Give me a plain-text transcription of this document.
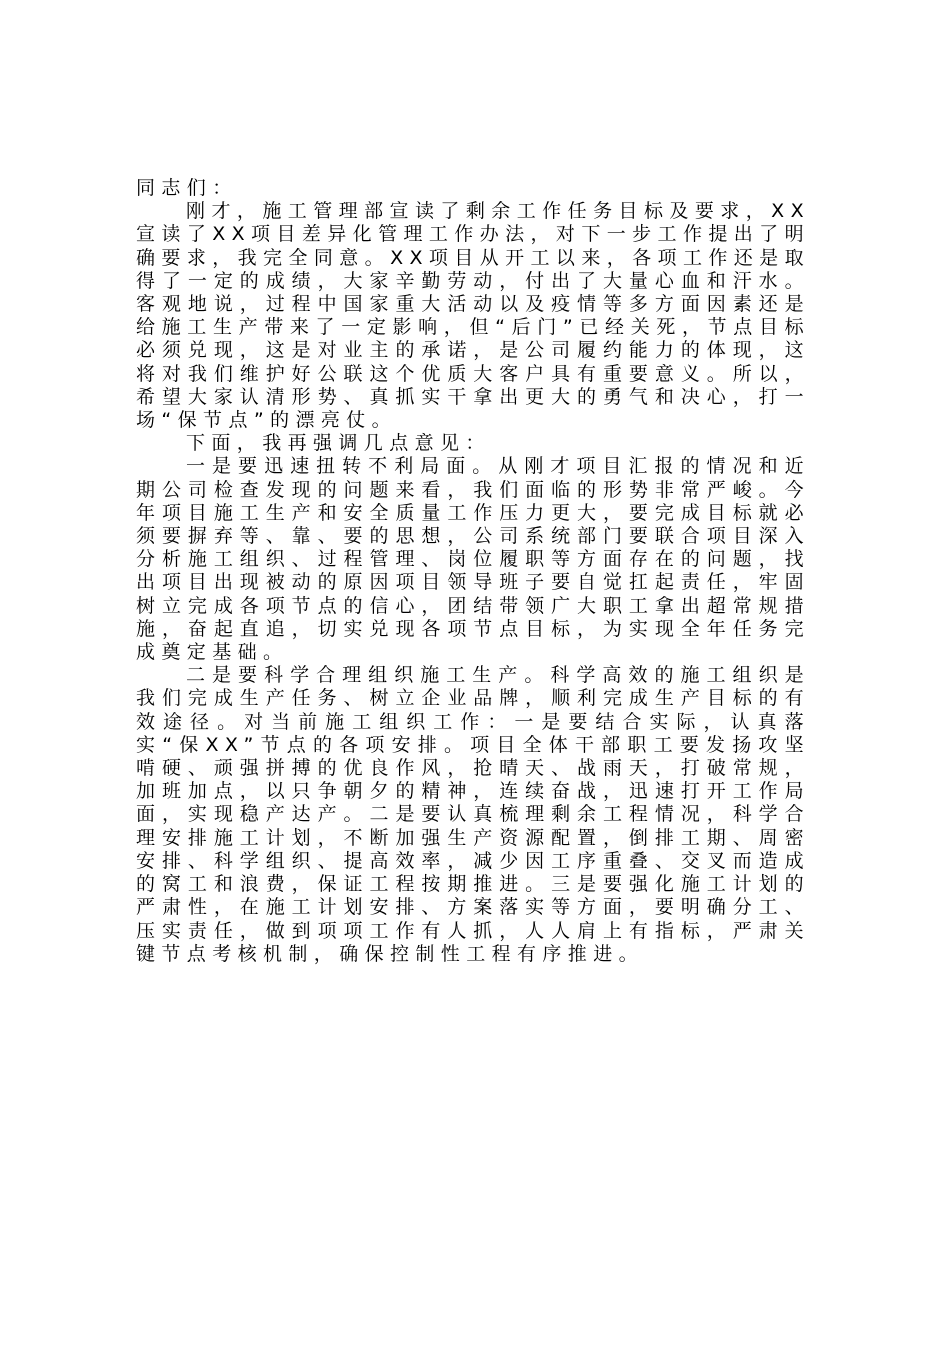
同志们：

刚才，施工管理部宣读了剩余工作任务目标及要求，XX宣读了XX项目差异化管理工作办法，对下一步工作提出了明确要求，我完全同意。XX项目从开工以来，各项工作还是取得了一定的成绩，大家辛勤劳动，付出了大量心血和汗水。客观地说，过程中国家重大活动以及疫情等多方面因素还是给施工生产带来了一定影响，但“后门”已经关死，节点目标必须兑现，这是对业主的承诺，是公司履约能力的体现，这将对我们维护好公联这个优质大客户具有重要意义。所以，希望大家认清形势、真抓实干拿出更大的勇气和决心，打一场“保节点”的漂亮仗。

下面，我再强调几点意见：

一是要迅速扭转不利局面。从刚才项目汇报的情况和近期公司检查发现的问题来看，我们面临的形势非常严峻。今年项目施工生产和安全质量工作压力更大，要完成目标就必须要摒弃等、靠、要的思想，公司系统部门要联合项目深入分析施工组织、过程管理、岗位履职等方面存在的问题，找出项目出现被动的原因项目领导班子要自觉扛起责任，牢固树立完成各项节点的信心，团结带领广大职工拿出超常规措施，奋起直追，切实兑现各项节点目标，为实现全年任务完成奠定基础。

二是要科学合理组织施工生产。科学高效的施工组织是我们完成生产任务、树立企业品牌，顺利完成生产目标的有效途径。对当前施工组织工作：一是要结合实际，认真落实“保XX”节点的各项安排。项目全体干部职工要发扬攻坚啃硬、顽强拼搏的优良作风，抢晴天、战雨天，打破常规，加班加点，以只争朝夕的精神，连续奋战，迅速打开工作局面，实现稳产达产。二是要认真梳理剩余工程情况，科学合理安排施工计划，不断加强生产资源配置，倒排工期、周密安排、科学组织、提高效率，减少因工序重叠、交叉而造成的窝工和浪费，保证工程按期推进。三是要强化施工计划的严肃性，在施工计划安排、方案落实等方面，要明确分工、压实责任，做到项项工作有人抓，人人肩上有指标，严肃关键节点考核机制，确保控制性工程有序推进。
